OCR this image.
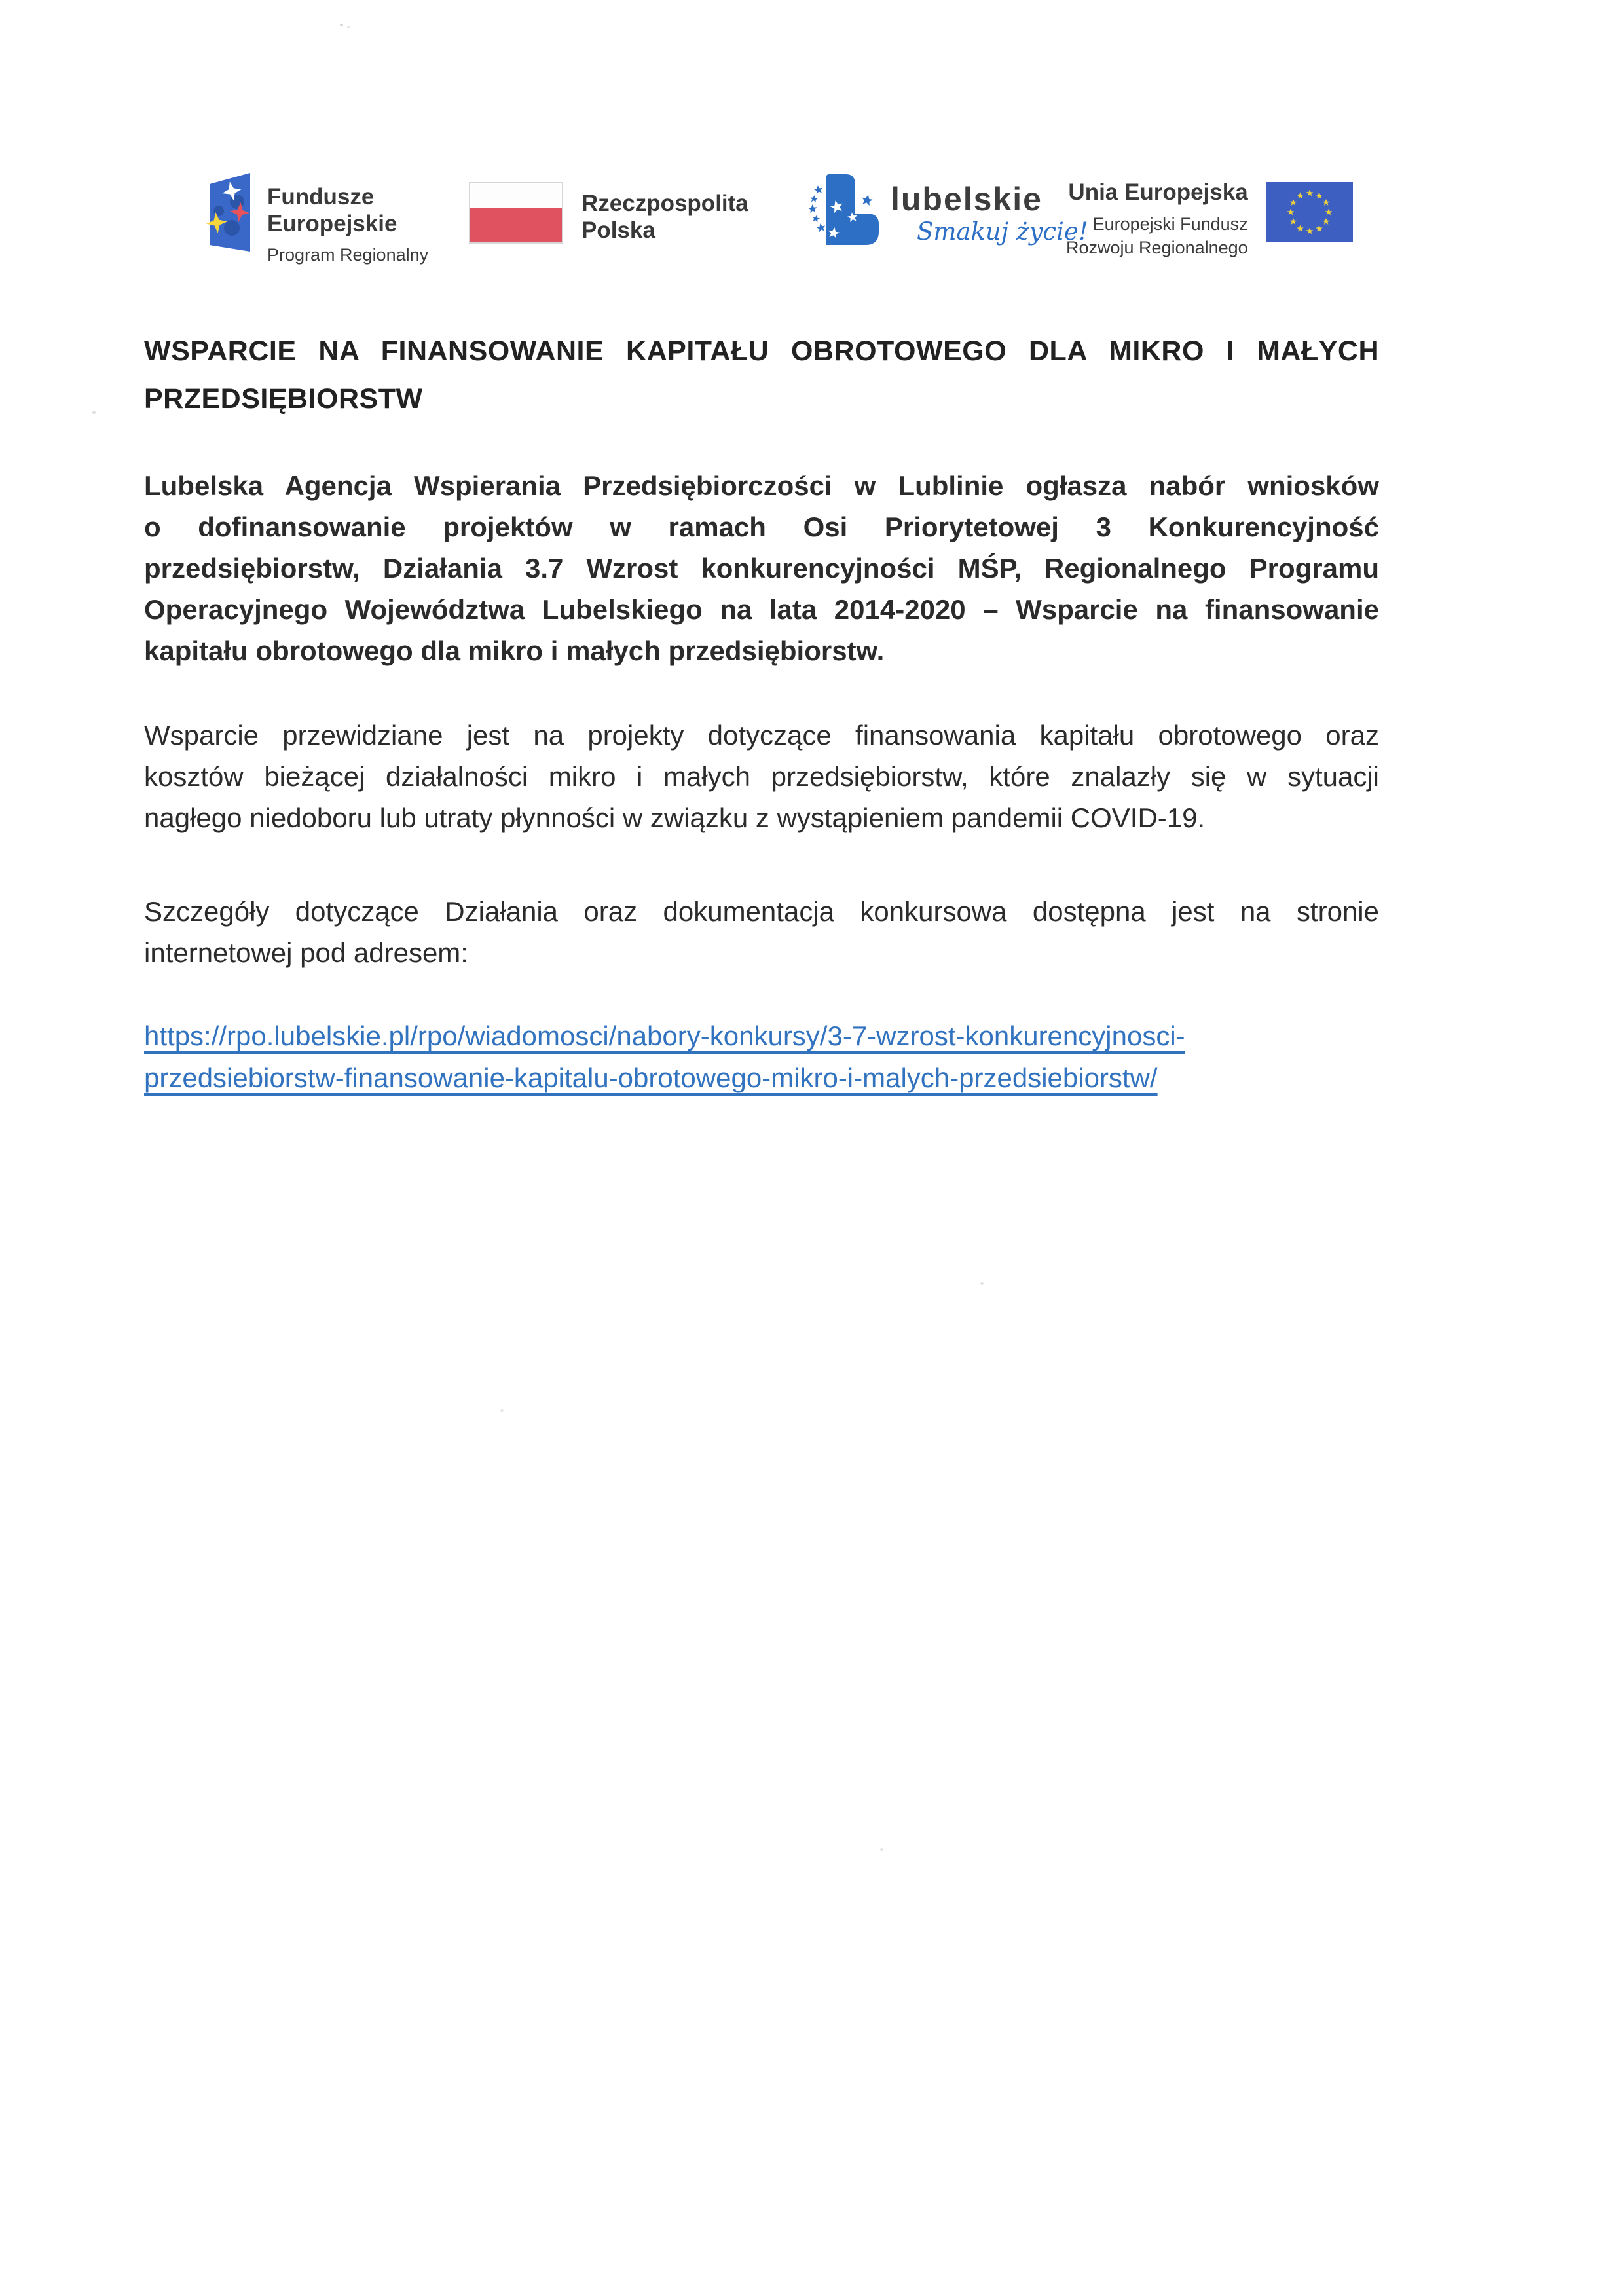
Fundusze
Europejskie
Program Regionalny
Rzeczpospolita
Polska
lubelskie
Smakuj życie!
Unia Europejska
Europejski Fundusz
Rozwoju Regionalnego
WSPARCIE NA FINANSOWANIE KAPITAŁU OBROTOWEGO DLA MIKRO I MAŁYCH
PRZEDSIĘBIORSTW
Lubelska Agencja Wspierania Przedsiębiorczości w Lublinie ogłasza nabór wniosków
o dofinansowanie projektów w ramach Osi Priorytetowej 3 Konkurencyjność
przedsiębiorstw, Działania 3.7 Wzrost konkurencyjności MŚP, Regionalnego Programu
Operacyjnego Województwa Lubelskiego na lata 2014-2020 – Wsparcie na finansowanie
kapitału obrotowego dla mikro i małych przedsiębiorstw.
Wsparcie przewidziane jest na projekty dotyczące finansowania kapitału obrotowego oraz
kosztów bieżącej działalności mikro i małych przedsiębiorstw, które znalazły się w sytuacji
nagłego niedoboru lub utraty płynności w związku z wystąpieniem pandemii COVID-19.
Szczegóły dotyczące Działania oraz dokumentacja konkursowa dostępna jest na stronie
internetowej pod adresem:
https://rpo.lubelskie.pl/rpo/wiadomosci/nabory-konkursy/3-7-wzrost-konkurencyjnosci-
przedsiebiorstw-finansowanie-kapitalu-obrotowego-mikro-i-malych-przedsiebiorstw/
